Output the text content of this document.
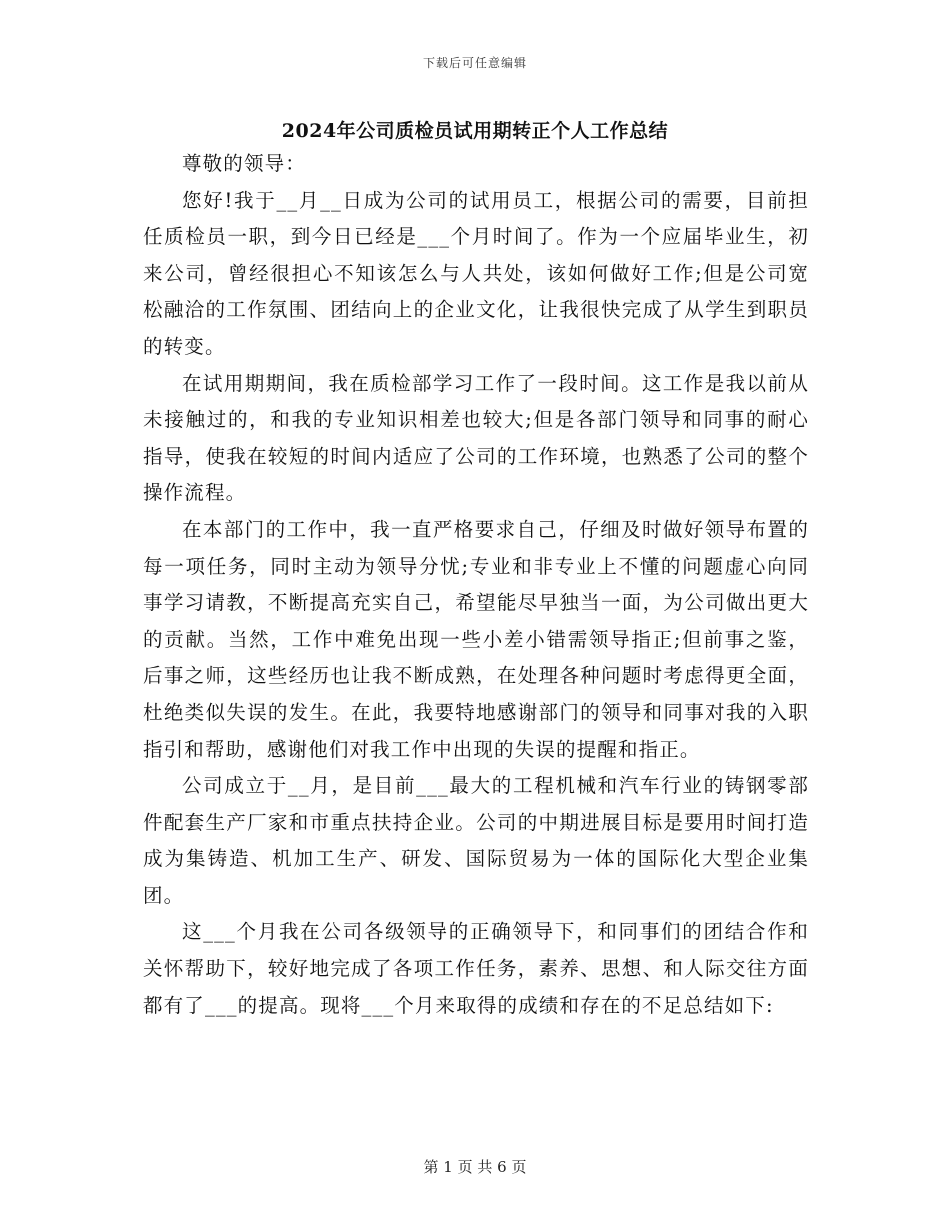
下载后可任意编辑
2024年公司质检员试用期转正个人工作总结

尊敬的领导：

您好!我于__月__日成为公司的试用员工，根据公司的需要，目前担任质检员一职，到今日已经是___个月时间了。作为一个应届毕业生，初来公司，曾经很担心不知该怎么与人共处，该如何做好工作;但是公司宽松融洽的工作氛围、团结向上的企业文化，让我很快完成了从学生到职员的转变。

在试用期期间，我在质检部学习工作了一段时间。这工作是我以前从未接触过的，和我的专业知识相差也较大;但是各部门领导和同事的耐心指导，使我在较短的时间内适应了公司的工作环境，也熟悉了公司的整个操作流程。

在本部门的工作中，我一直严格要求自己，仔细及时做好领导布置的每一项任务，同时主动为领导分忧;专业和非专业上不懂的问题虚心向同事学习请教，不断提高充实自己，希望能尽早独当一面，为公司做出更大的贡献。当然，工作中难免出现一些小差小错需领导指正;但前事之鉴，后事之师，这些经历也让我不断成熟，在处理各种问题时考虑得更全面，杜绝类似失误的发生。在此，我要特地感谢部门的领导和同事对我的入职指引和帮助，感谢他们对我工作中出现的失误的提醒和指正。

公司成立于__月，是目前___最大的工程机械和汽车行业的铸钢零部件配套生产厂家和市重点扶持企业。公司的中期进展目标是要用时间打造成为集铸造、机加工生产、研发、国际贸易为一体的国际化大型企业集团。

这___个月我在公司各级领导的正确领导下，和同事们的团结合作和关怀帮助下，较好地完成了各项工作任务，素养、思想、和人际交往方面都有了___的提高。现将___个月来取得的成绩和存在的不足总结如下:

第 1 页 共 6 页
